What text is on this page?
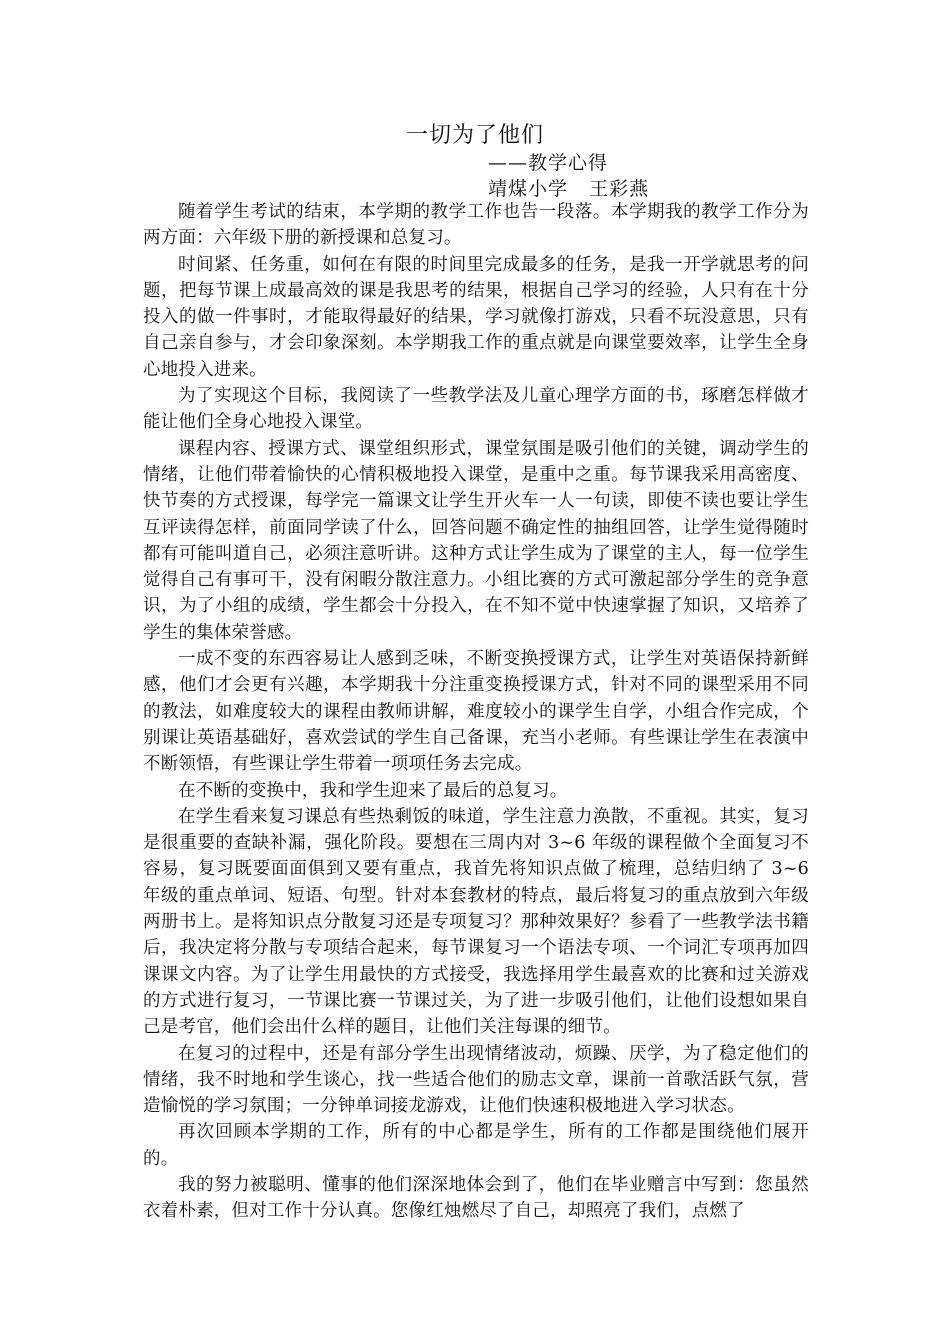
一切为了他们
——教学心得
靖煤小学   王彩燕

随着学生考试的结束，本学期的教学工作也告一段落。本学期我的教学工作分为两方面：六年级下册的新授课和总复习。

时间紧、任务重，如何在有限的时间里完成最多的任务，是我一开学就思考的问题，把每节课上成最高效的课是我思考的结果，根据自己学习的经验，人只有在十分投入的做一件事时，才能取得最好的结果，学习就像打游戏，只看不玩没意思，只有自己亲自参与，才会印象深刻。本学期我工作的重点就是向课堂要效率，让学生全身心地投入进来。

为了实现这个目标，我阅读了一些教学法及儿童心理学方面的书，琢磨怎样做才能让他们全身心地投入课堂。

课程内容、授课方式、课堂组织形式，课堂氛围是吸引他们的关键，调动学生的情绪，让他们带着愉快的心情积极地投入课堂，是重中之重。每节课我采用高密度、快节奏的方式授课，每学完一篇课文让学生开火车一人一句读，即使不读也要让学生互评读得怎样，前面同学读了什么，回答问题不确定性的抽组回答，让学生觉得随时都有可能叫道自己，必须注意听讲。这种方式让学生成为了课堂的主人，每一位学生觉得自己有事可干，没有闲暇分散注意力。小组比赛的方式可激起部分学生的竞争意识，为了小组的成绩，学生都会十分投入，在不知不觉中快速掌握了知识，又培养了学生的集体荣誉感。

一成不变的东西容易让人感到乏味，不断变换授课方式，让学生对英语保持新鲜感，他们才会更有兴趣，本学期我十分注重变换授课方式，针对不同的课型采用不同的教法，如难度较大的课程由教师讲解，难度较小的课学生自学，小组合作完成，个别课让英语基础好，喜欢尝试的学生自己备课，充当小老师。有些课让学生在表演中不断领悟，有些课让学生带着一项项任务去完成。

在不断的变换中，我和学生迎来了最后的总复习。

在学生看来复习课总有些热剩饭的味道，学生注意力涣散，不重视。其实，复习是很重要的查缺补漏，强化阶段。要想在三周内对 3~6 年级的课程做个全面复习不容易，复习既要面面俱到又要有重点，我首先将知识点做了梳理，总结归纳了 3~6 年级的重点单词、短语、句型。针对本套教材的特点，最后将复习的重点放到六年级两册书上。是将知识点分散复习还是专项复习？那种效果好？参看了一些教学法书籍后，我决定将分散与专项结合起来，每节课复习一个语法专项、一个词汇专项再加四课课文内容。为了让学生用最快的方式接受，我选择用学生最喜欢的比赛和过关游戏的方式进行复习，一节课比赛一节课过关，为了进一步吸引他们，让他们设想如果自己是考官，他们会出什么样的题目，让他们关注每课的细节。

在复习的过程中，还是有部分学生出现情绪波动，烦躁、厌学，为了稳定他们的情绪，我不时地和学生谈心，找一些适合他们的励志文章，课前一首歌活跃气氛，营造愉悦的学习氛围；一分钟单词接龙游戏，让他们快速积极地进入学习状态。

再次回顾本学期的工作，所有的中心都是学生，所有的工作都是围绕他们展开的。

我的努力被聪明、懂事的他们深深地体会到了，他们在毕业赠言中写到：您虽然衣着朴素，但对工作十分认真。您像红烛燃尽了自己，却照亮了我们，点燃了
